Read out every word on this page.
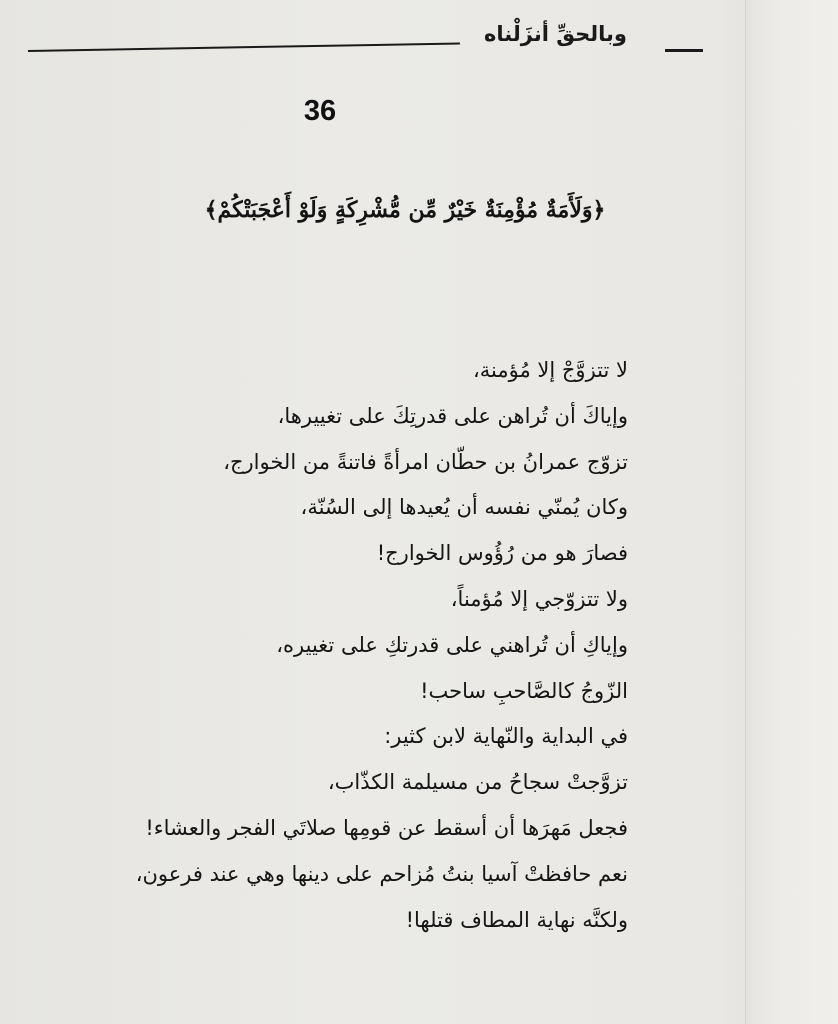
وبالحقِّ أنزَلْناه
36
﴿وَلَأَمَةٌ مُؤْمِنَةٌ خَيْرٌ مِّن مُّشْرِكَةٍ وَلَوْ أَعْجَبَتْكُمْ﴾
لا تتزوَّجْ إلا مُؤمنة،
وإياكَ أن تُراهن على قدرتِكَ على تغييرها،
تزوّج عمرانُ بن حطّان امرأةً فاتنةً من الخوارج،
وكان يُمنّي نفسه أن يُعيدها إلى السُنّة،
فصارَ هو من رُؤُوس الخوارج!
ولا تتزوّجي إلا مُؤمناً،
وإياكِ أن تُراهني على قدرتكِ على تغييره،
الزّوجُ كالصَّاحبِ ساحب!
في البداية والنّهاية لابن كثير:
تزوَّجتْ سجاحُ من مسيلمة الكذّاب،
فجعل مَهرَها أن أسقط عن قومِها صلاتَي الفجر والعشاء!
نعم حافظتْ آسيا بنتُ مُزاحم على دينها وهي عند فرعون،
ولكنَّه نهاية المطاف قتلها!
